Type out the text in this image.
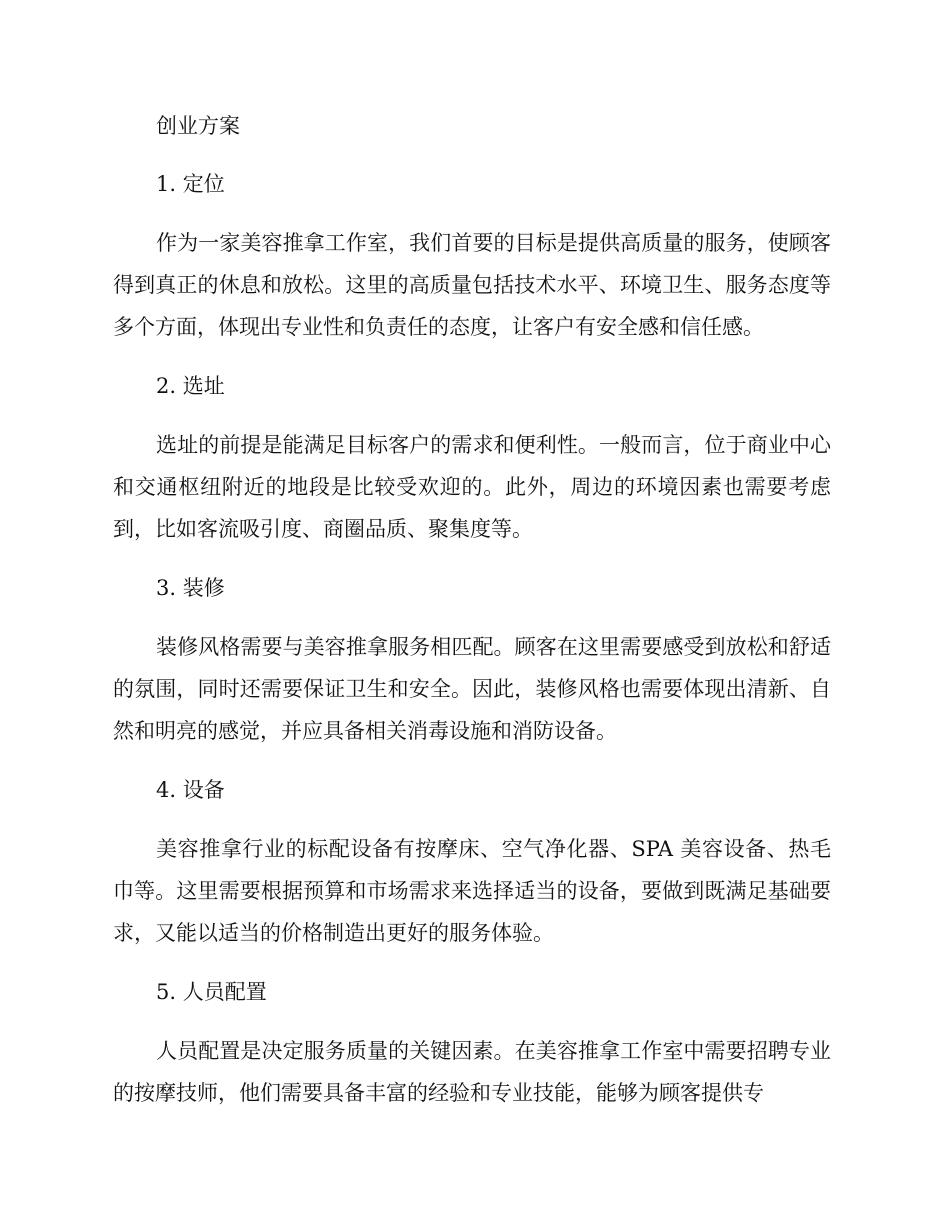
创业方案
1. 定位

作为一家美容推拿工作室，我们首要的目标是提供高质量的服务，使顾客得到真正的休息和放松。这里的高质量包括技术水平、环境卫生、服务态度等多个方面，体现出专业性和负责任的态度，让客户有安全感和信任感。

2. 选址

选址的前提是能满足目标客户的需求和便利性。一般而言，位于商业中心和交通枢纽附近的地段是比较受欢迎的。此外，周边的环境因素也需要考虑到，比如客流吸引度、商圈品质、聚集度等。

3. 装修

装修风格需要与美容推拿服务相匹配。顾客在这里需要感受到放松和舒适的氛围，同时还需要保证卫生和安全。因此，装修风格也需要体现出清新、自然和明亮的感觉，并应具备相关消毒设施和消防设备。

4. 设备

美容推拿行业的标配设备有按摩床、空气净化器、SPA 美容设备、热毛巾等。这里需要根据预算和市场需求来选择适当的设备，要做到既满足基础要求，又能以适当的价格制造出更好的服务体验。

5. 人员配置

人员配置是决定服务质量的关键因素。在美容推拿工作室中需要招聘专业的按摩技师，他们需要具备丰富的经验和专业技能，能够为顾客提供专
